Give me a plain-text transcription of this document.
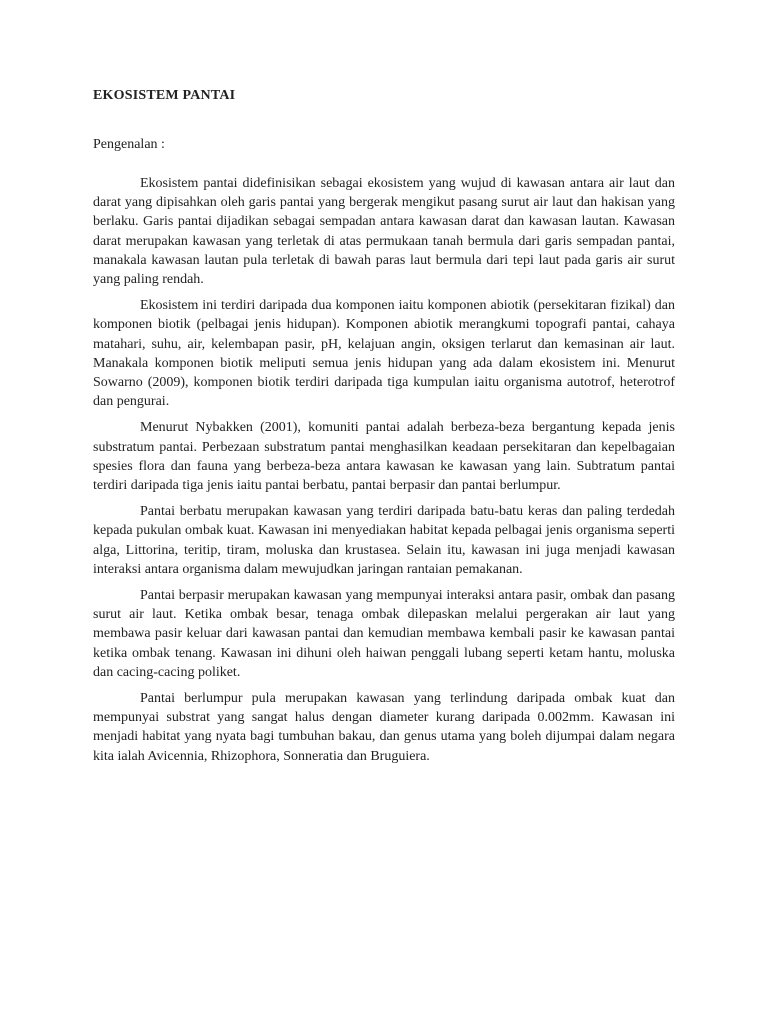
EKOSISTEM PANTAI

Pengenalan :

Ekosistem pantai didefinisikan sebagai ekosistem yang wujud di kawasan antara air laut dan darat yang dipisahkan oleh garis pantai yang bergerak mengikut pasang surut air laut dan hakisan yang berlaku. Garis pantai dijadikan sebagai sempadan antara kawasan darat dan kawasan lautan. Kawasan darat merupakan kawasan yang terletak di atas permukaan tanah bermula dari garis sempadan pantai, manakala kawasan lautan pula terletak di bawah paras laut bermula dari tepi laut pada garis air surut yang paling rendah.

Ekosistem ini terdiri daripada dua komponen iaitu komponen abiotik (persekitaran fizikal) dan komponen biotik (pelbagai jenis hidupan). Komponen abiotik merangkumi topografi pantai, cahaya matahari, suhu, air, kelembapan pasir, pH, kelajuan angin, oksigen terlarut dan kemasinan air laut. Manakala komponen biotik meliputi semua jenis hidupan yang ada dalam ekosistem ini. Menurut Sowarno (2009), komponen biotik terdiri daripada tiga kumpulan iaitu organisma autotrof, heterotrof dan pengurai.

Menurut Nybakken (2001), komuniti pantai adalah berbeza-beza bergantung kepada jenis substratum pantai. Perbezaan substratum pantai menghasilkan keadaan persekitaran dan kepelbagaian spesies flora dan fauna yang berbeza-beza antara kawasan ke kawasan yang lain. Subtratum pantai terdiri daripada tiga jenis iaitu pantai berbatu, pantai berpasir dan pantai berlumpur.

Pantai berbatu merupakan kawasan yang terdiri daripada batu-batu keras dan paling terdedah kepada pukulan ombak kuat. Kawasan ini menyediakan habitat kepada pelbagai jenis organisma seperti alga, Littorina, teritip, tiram, moluska dan krustasea. Selain itu, kawasan ini juga menjadi kawasan interaksi antara organisma dalam mewujudkan jaringan rantaian pemakanan.

Pantai berpasir merupakan kawasan yang mempunyai interaksi antara pasir, ombak dan pasang surut air laut. Ketika ombak besar, tenaga ombak dilepaskan melalui pergerakan air laut yang membawa pasir keluar dari kawasan pantai dan kemudian membawa kembali pasir ke kawasan pantai ketika ombak tenang. Kawasan ini dihuni oleh haiwan penggali lubang seperti ketam hantu, moluska dan cacing-cacing poliket.

Pantai berlumpur pula merupakan kawasan yang terlindung daripada ombak kuat dan mempunyai substrat yang sangat halus dengan diameter kurang daripada 0.002mm. Kawasan ini menjadi habitat yang nyata bagi tumbuhan bakau, dan genus utama yang boleh dijumpai dalam negara kita ialah Avicennia, Rhizophora, Sonneratia dan Bruguiera.
